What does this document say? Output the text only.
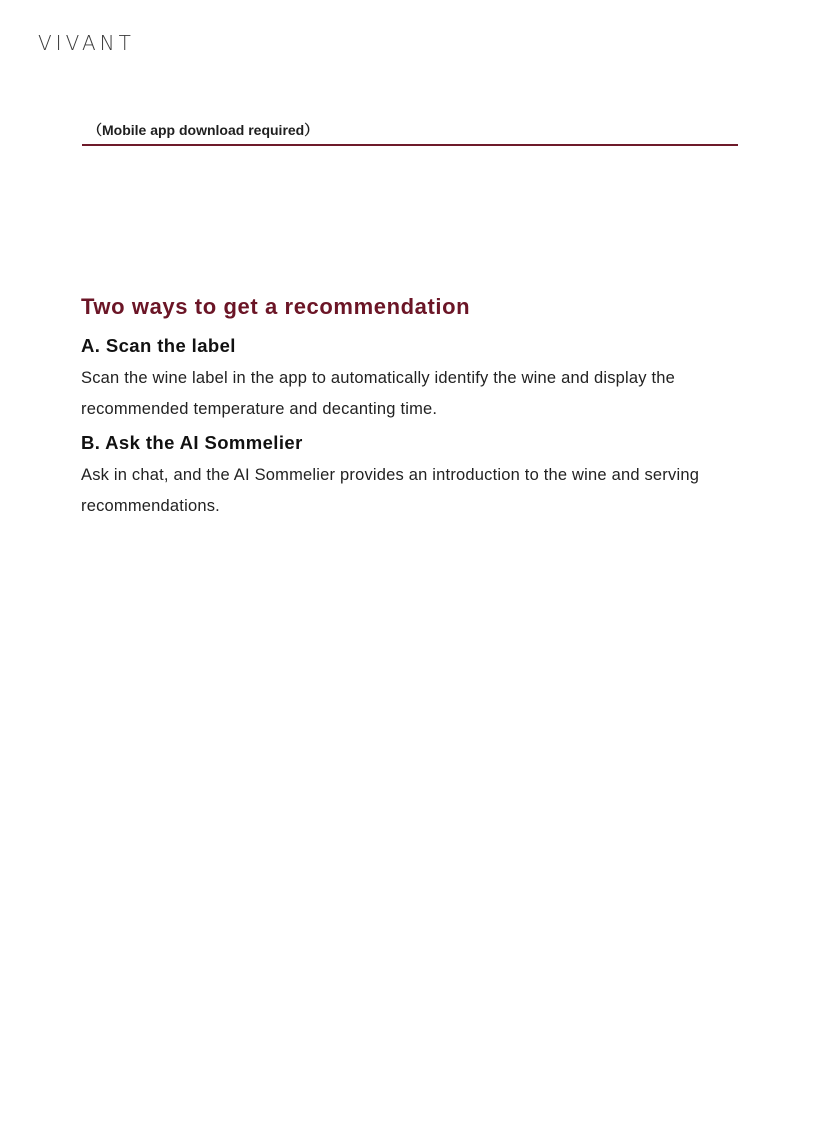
VIVANT
（Mobile app download required）
Two ways to get a recommendation
A. Scan the label

Scan the wine label in the app to automatically identify the wine and display the recommended temperature and decanting time.

B. Ask the AI Sommelier

Ask in chat, and the AI Sommelier provides an introduction to the wine and serving recommendations.
